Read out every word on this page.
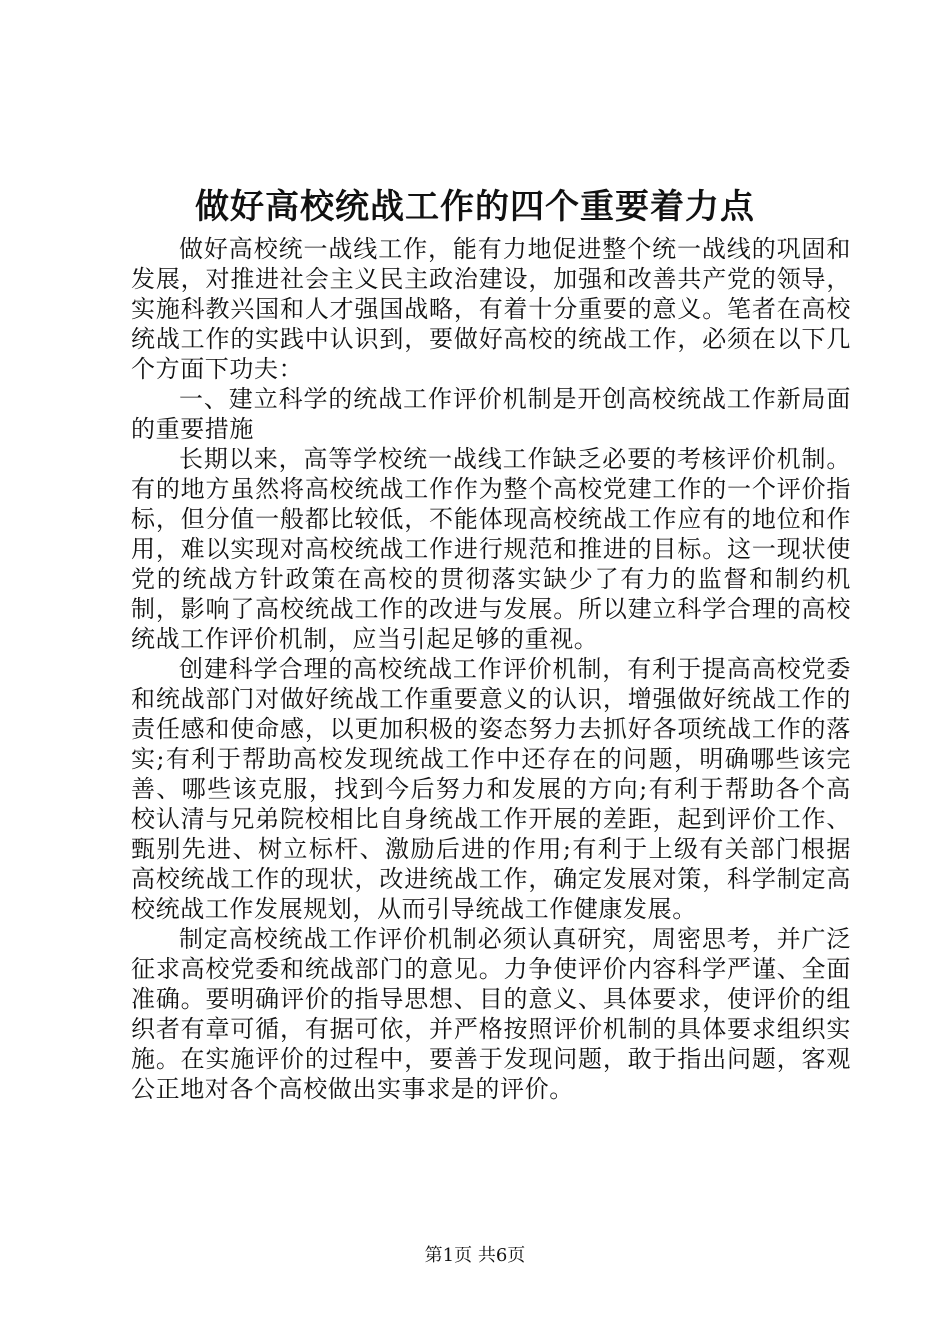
做好高校统战工作的四个重要着力点

做好高校统一战线工作，能有力地促进整个统一战线的巩固和发展，对推进社会主义民主政治建设，加强和改善共产党的领导，实施科教兴国和人才强国战略，有着十分重要的意义。笔者在高校统战工作的实践中认识到，要做好高校的统战工作，必须在以下几个方面下功夫：

一、建立科学的统战工作评价机制是开创高校统战工作新局面的重要措施

长期以来，高等学校统一战线工作缺乏必要的考核评价机制。有的地方虽然将高校统战工作作为整个高校党建工作的一个评价指标，但分值一般都比较低，不能体现高校统战工作应有的地位和作用，难以实现对高校统战工作进行规范和推进的目标。这一现状使党的统战方针政策在高校的贯彻落实缺少了有力的监督和制约机制，影响了高校统战工作的改进与发展。所以建立科学合理的高校统战工作评价机制，应当引起足够的重视。

创建科学合理的高校统战工作评价机制，有利于提高高校党委和统战部门对做好统战工作重要意义的认识，增强做好统战工作的责任感和使命感，以更加积极的姿态努力去抓好各项统战工作的落实;有利于帮助高校发现统战工作中还存在的问题，明确哪些该完善、哪些该克服，找到今后努力和发展的方向;有利于帮助各个高校认清与兄弟院校相比自身统战工作开展的差距，起到评价工作、甄别先进、树立标杆、激励后进的作用;有利于上级有关部门根据高校统战工作的现状，改进统战工作，确定发展对策，科学制定高校统战工作发展规划，从而引导统战工作健康发展。

制定高校统战工作评价机制必须认真研究，周密思考，并广泛征求高校党委和统战部门的意见。力争使评价内容科学严谨、全面准确。要明确评价的指导思想、目的意义、具体要求，使评价的组织者有章可循，有据可依，并严格按照评价机制的具体要求组织实施。在实施评价的过程中，要善于发现问题，敢于指出问题，客观公正地对各个高校做出实事求是的评价。

第1页 共6页
